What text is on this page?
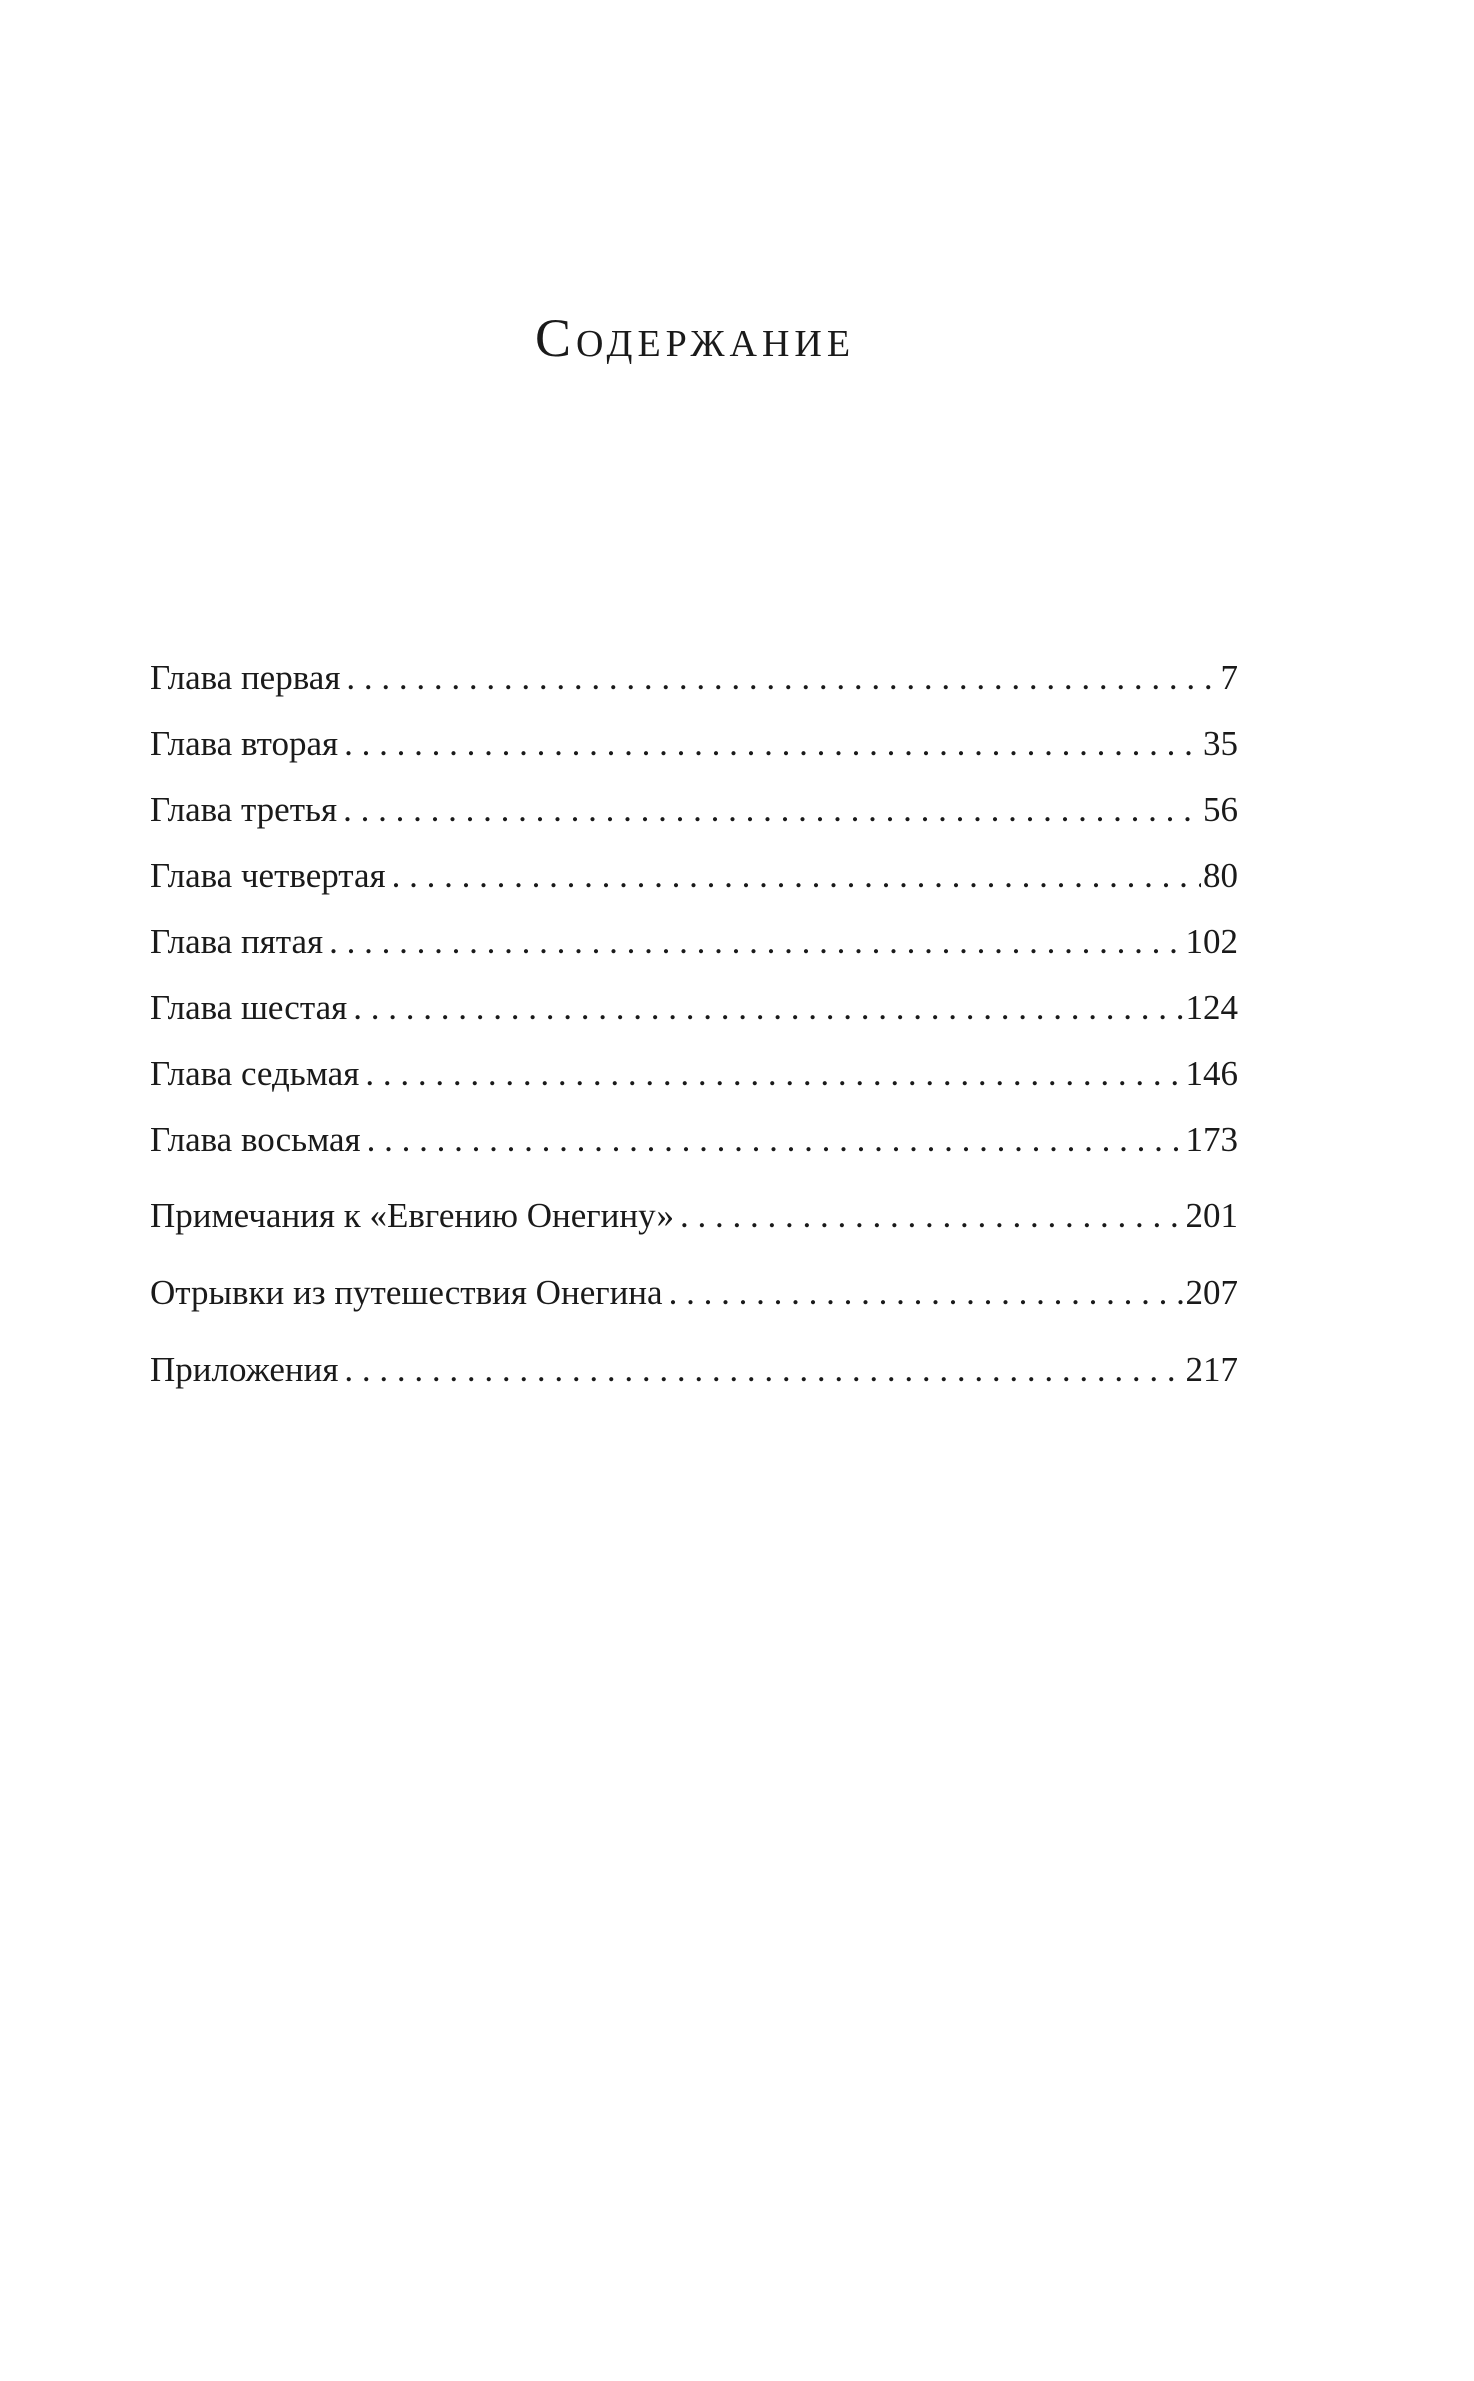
Содержание
Глава первая . . .	7
Глава вторая . . .	35
Глава третья . . .	56
Глава четвертая . . .	80
Глава пятая . . .	102
Глава шестая . . .	124
Глава седьмая . . .	146
Глава восьмая . . .	173
Примечания к «Евгению Онегину» . . .	201
Отрывки из путешествия Онегина . . .	207
Приложения . . .	217
